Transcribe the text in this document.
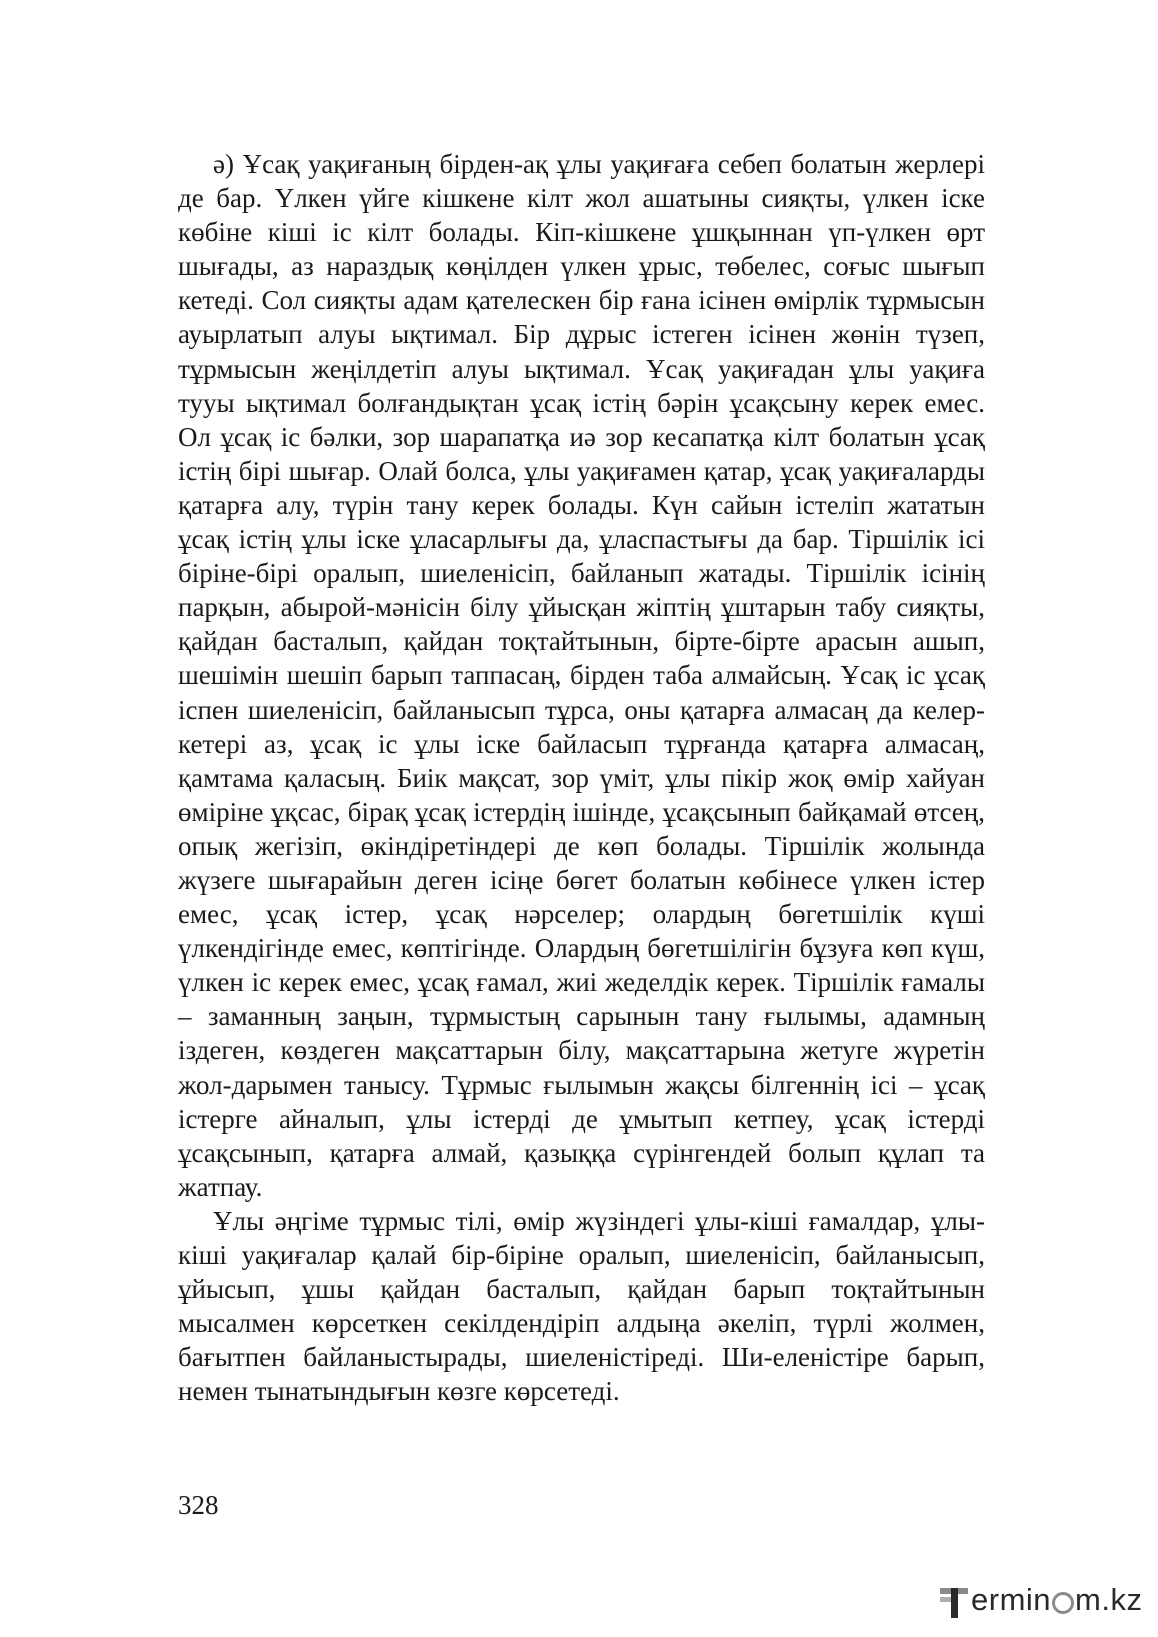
ә) Ұсақ уақиғаның бірден-ақ ұлы уақиғаға себеп болатын жерлері де бар. Үлкен үйге кішкене кілт жол ашатыны сияқты, үлкен іске көбіне кіші іс кілт болады. Кіп-кішкене ұшқыннан үп-үлкен өрт шығады, аз нараздық көңілден үлкен ұрыс, төбелес, соғыс шығып кетеді. Сол сияқты адам қателескен бір ғана ісінен өмірлік тұрмысын ауырлатып алуы ықтимал. Бір дұрыс істеген ісінен жөнін түзеп, тұрмысын жеңілдетіп алуы ықтимал. Ұсақ уақиғадан ұлы уақиға тууы ықтимал болғандықтан ұсақ істің бәрін ұсақсыну керек емес. Ол ұсақ іс бәлки, зор шарапатқа иә зор кесапатқа кілт болатын ұсақ істің бірі шығар. Олай болса, ұлы уақиғамен қатар, ұсақ уақиғаларды қатарға алу, түрін тану керек болады. Күн сайын істеліп жататын ұсақ істің ұлы іске ұласарлығы да, ұласпастығы да бар. Тіршілік ісі біріне-бірі оралып, шиеленісіп, байланып жатады. Тіршілік ісінің парқын, абырой-мәнісін білу ұйысқан жіптің ұштарын табу сияқты, қайдан басталып, қайдан тоқтайтынын, бірте-бірте арасын ашып, шешімін шешіп барып таппасаң, бірден таба алмайсың. Ұсақ іс ұсақ іспен шиеленісіп, байланысып тұрса, оны қатарға алмасаң да келер-кетері аз, ұсақ іс ұлы іске байласып тұрғанда қатарға алмасаң, қамтама қаласың. Биік мақсат, зор үміт, ұлы пікір жоқ өмір хайуан өміріне ұқсас, бірақ ұсақ істердің ішінде, ұсақсынып байқамай өтсең, опық жегізіп, өкіндіретіндері де көп болады. Тіршілік жолында жүзеге шығарайын деген ісіңе бөгет болатын көбінесе үлкен істер емес, ұсақ істер, ұсақ нәрселер; олардың бөгетшілік күші үлкендігінде емес, көптігінде. Олардың бөгетшілігін бұзуға көп күш, үлкен іс керек емес, ұсақ ғамал, жиі жеделдік керек. Тіршілік ғамалы – заманның заңын, тұрмыстың сарынын тану ғылымы, адамның іздеген, көздеген мақсаттарын білу, мақсаттарына жетуге жүретін жол-дарымен танысу. Тұрмыс ғылымын жақсы білгеннің ісі – ұсақ істерге айналып, ұлы істерді де ұмытып кетпеу, ұсақ істерді ұсақсынып, қатарға алмай, қазыққа сүрінгендей болып құлап та жатпау.

Ұлы әңгіме тұрмыс тілі, өмір жүзіндегі ұлы-кіші ғамалдар, ұлы-кіші уақиғалар қалай бір-біріне оралып, шиеленісіп, байланысып, ұйысып, ұшы қайдан басталып, қайдан барып тоқтайтынын мысалмен көрсеткен секілдендіріп алдыңа әкеліп, түрлі жолмен, бағытпен байланыстырады, шиеленістіреді. Ши-еленістіре барып, немен тынатындығын көзге көрсетеді.

328
ermin m.kz
